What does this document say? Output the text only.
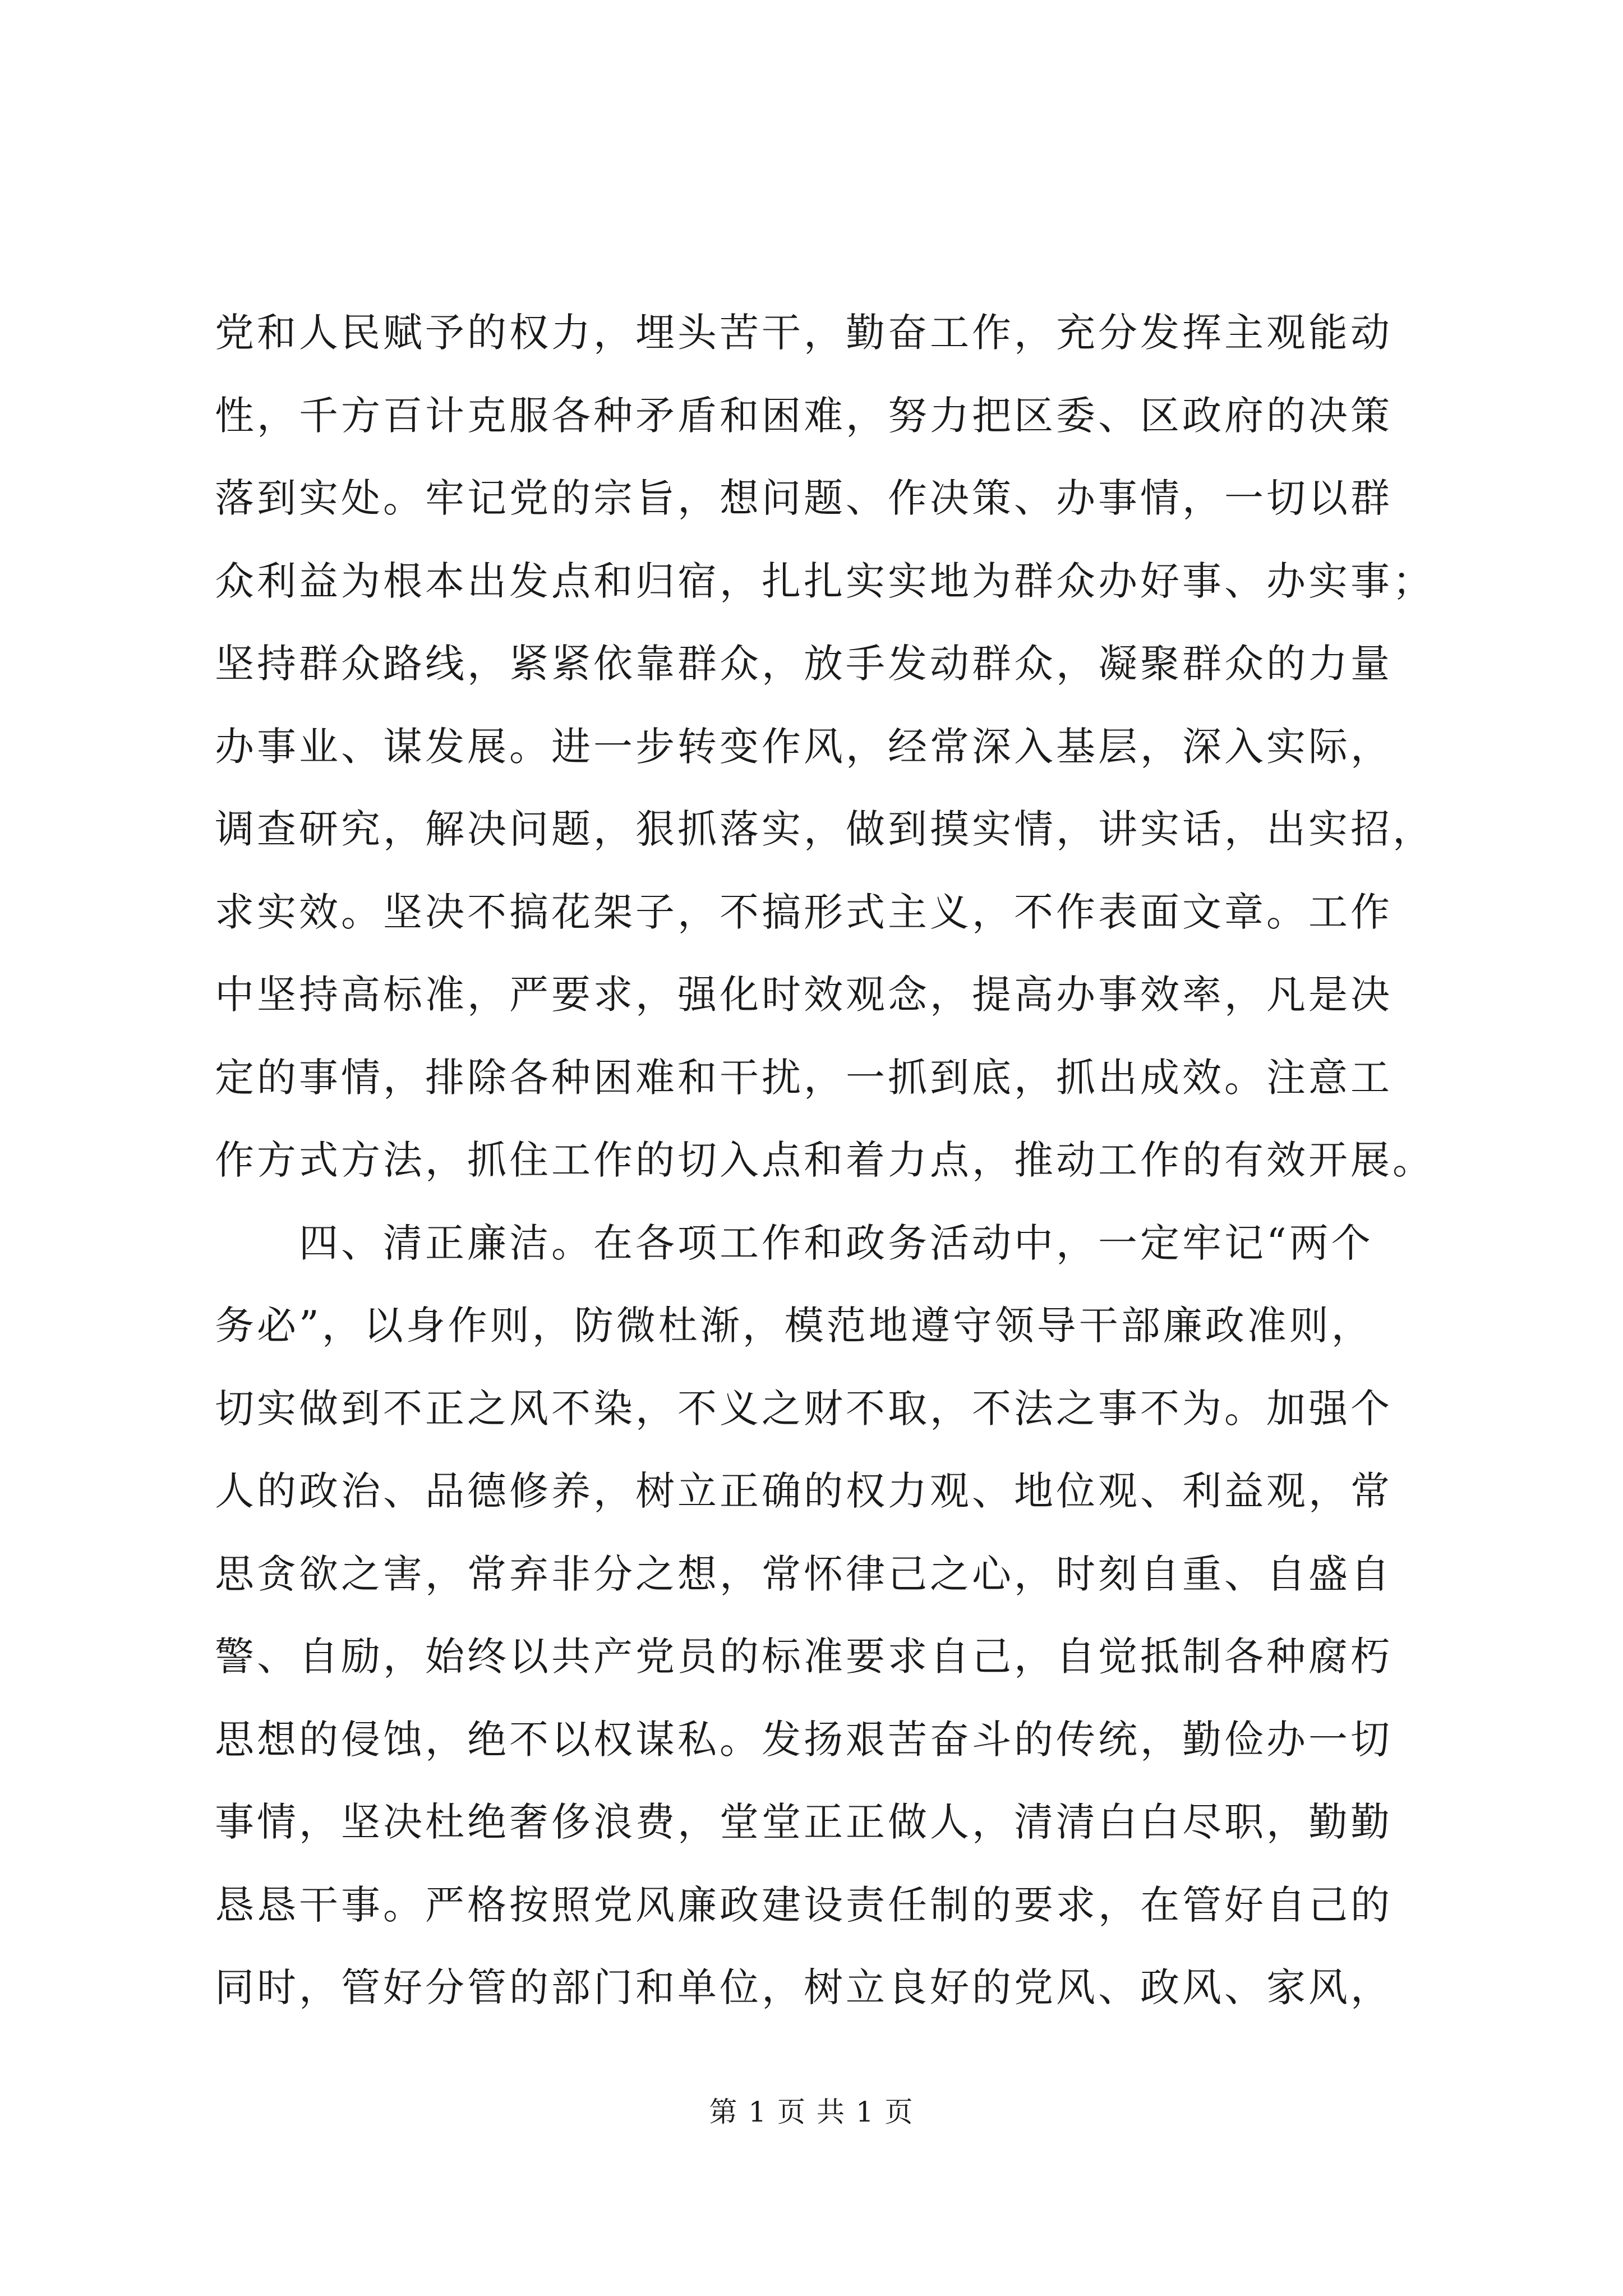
党和人民赋予的权力，埋头苦干，勤奋工作，充分发挥主观能动
性，千方百计克服各种矛盾和困难，努力把区委、区政府的决策
落到实处。牢记党的宗旨，想问题、作决策、办事情，一切以群
众利益为根本出发点和归宿，扎扎实实地为群众办好事、办实事；
坚持群众路线，紧紧依靠群众，放手发动群众，凝聚群众的力量
办事业、谋发展。进一步转变作风，经常深入基层，深入实际，
调查研究，解决问题，狠抓落实，做到摸实情，讲实话，出实招，
求实效。坚决不搞花架子，不搞形式主义，不作表面文章。工作
中坚持高标准，严要求，强化时效观念，提高办事效率，凡是决
定的事情，排除各种困难和干扰，一抓到底，抓出成效。注意工
作方式方法，抓住工作的切入点和着力点，推动工作的有效开展。
四、清正廉洁。在各项工作和政务活动中，一定牢记“两个
务必”，以身作则，防微杜渐，模范地遵守领导干部廉政准则，
切实做到不正之风不染，不义之财不取，不法之事不为。加强个
人的政治、品德修养，树立正确的权力观、地位观、利益观，常
思贪欲之害，常弃非分之想，常怀律己之心，时刻自重、自盛自
警、自励，始终以共产党员的标准要求自己，自觉抵制各种腐朽
思想的侵蚀，绝不以权谋私。发扬艰苦奋斗的传统，勤俭办一切
事情，坚决杜绝奢侈浪费，堂堂正正做人，清清白白尽职，勤勤
恳恳干事。严格按照党风廉政建设责任制的要求，在管好自己的
同时，管好分管的部门和单位，树立良好的党风、政风、家风，
第 1 页 共 1 页
